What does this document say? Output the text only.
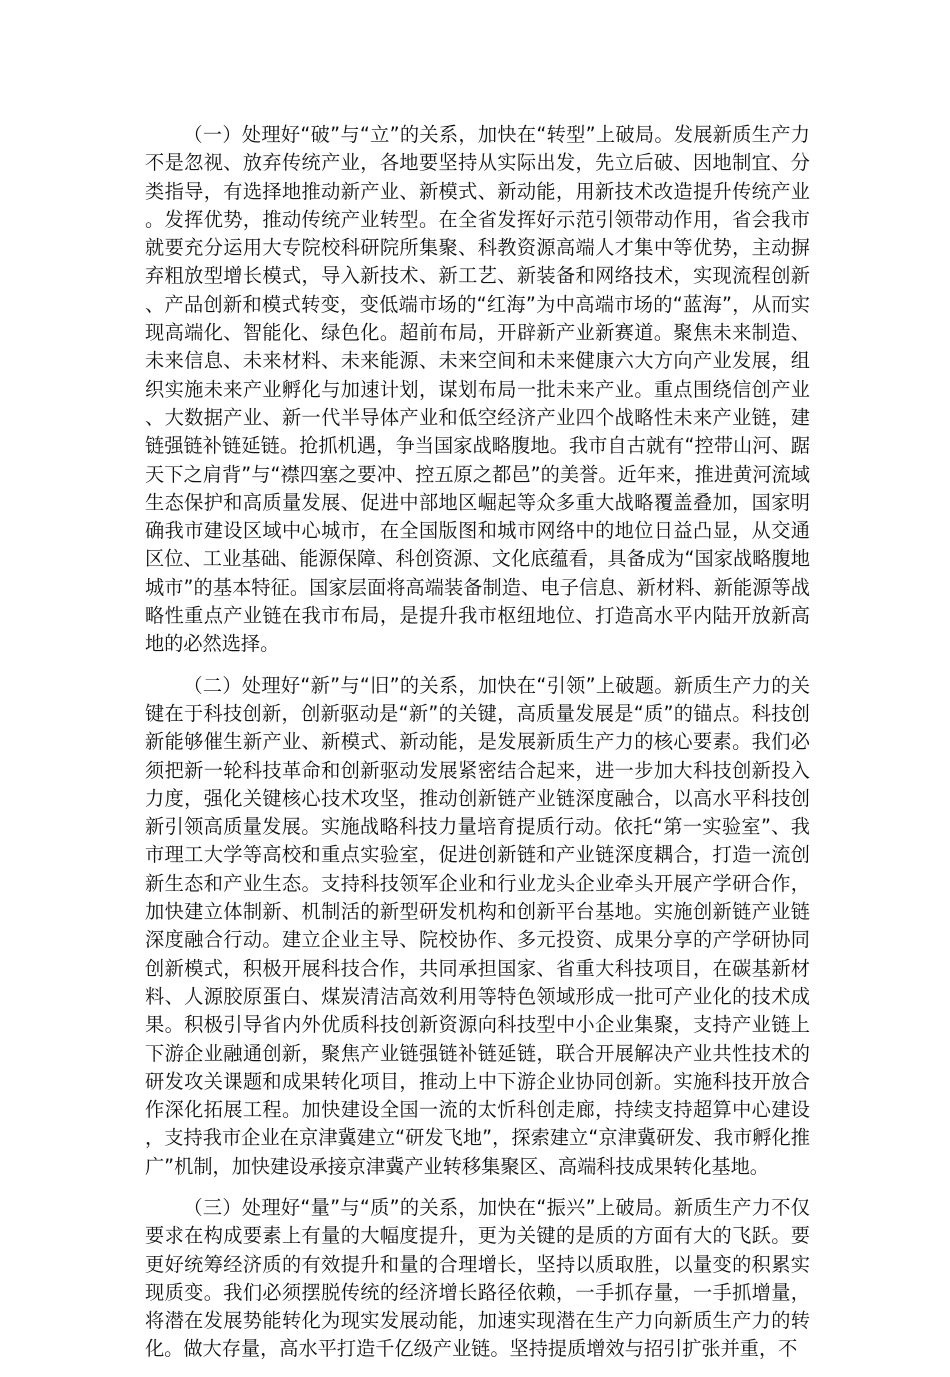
（一）处理好“破”与“立”的关系，加快在“转型”上破局。发展新质生产力不是忽视、放弃传统产业，各地要坚持从实际出发，先立后破、因地制宜、分类指导，有选择地推动新产业、新模式、新动能，用新技术改造提升传统产业。发挥优势，推动传统产业转型。在全省发挥好示范引领带动作用，省会我市就要充分运用大专院校科研院所集聚、科教资源高端人才集中等优势，主动摒弃粗放型增长模式，导入新技术、新工艺、新装备和网络技术，实现流程创新、产品创新和模式转变，变低端市场的“红海”为中高端市场的“蓝海”，从而实现高端化、智能化、绿色化。超前布局，开辟新产业新赛道。聚焦未来制造、未来信息、未来材料、未来能源、未来空间和未来健康六大方向产业发展，组织实施未来产业孵化与加速计划，谋划布局一批未来产业。重点围绕信创产业、大数据产业、新一代半导体产业和低空经济产业四个战略性未来产业链，建链强链补链延链。抢抓机遇，争当国家战略腹地。我市自古就有“控带山河、踞天下之肩背”与“襟四塞之要冲、控五原之都邑”的美誉。近年来，推进黄河流域生态保护和高质量发展、促进中部地区崛起等众多重大战略覆盖叠加，国家明确我市建设区域中心城市，在全国版图和城市网络中的地位日益凸显，从交通区位、工业基础、能源保障、科创资源、文化底蕴看，具备成为“国家战略腹地城市”的基本特征。国家层面将高端装备制造、电子信息、新材料、新能源等战略性重点产业链在我市布局，是提升我市枢纽地位、打造高水平内陆开放新高地的必然选择。

（二）处理好“新”与“旧”的关系，加快在“引领”上破题。新质生产力的关键在于科技创新，创新驱动是“新”的关键，高质量发展是“质”的锚点。科技创新能够催生新产业、新模式、新动能，是发展新质生产力的核心要素。我们必须把新一轮科技革命和创新驱动发展紧密结合起来，进一步加大科技创新投入力度，强化关键核心技术攻坚，推动创新链产业链深度融合，以高水平科技创新引领高质量发展。实施战略科技力量培育提质行动。依托“第一实验室”、我市理工大学等高校和重点实验室，促进创新链和产业链深度耦合，打造一流创新生态和产业生态。支持科技领军企业和行业龙头企业牵头开展产学研合作，加快建立体制新、机制活的新型研发机构和创新平台基地。实施创新链产业链深度融合行动。建立企业主导、院校协作、多元投资、成果分享的产学研协同创新模式，积极开展科技合作，共同承担国家、省重大科技项目，在碳基新材料、人源胶原蛋白、煤炭清洁高效利用等特色领域形成一批可产业化的技术成果。积极引导省内外优质科技创新资源向科技型中小企业集聚，支持产业链上下游企业融通创新，聚焦产业链强链补链延链，联合开展解决产业共性技术的研发攻关课题和成果转化项目，推动上中下游企业协同创新。实施科技开放合作深化拓展工程。加快建设全国一流的太忻科创走廊，持续支持超算中心建设，支持我市企业在京津冀建立“研发飞地”，探索建立“京津冀研发、我市孵化推广”机制，加快建设承接京津冀产业转移集聚区、高端科技成果转化基地。

（三）处理好“量”与“质”的关系，加快在“振兴”上破局。新质生产力不仅要求在构成要素上有量的大幅度提升，更为关键的是质的方面有大的飞跃。要更好统筹经济质的有效提升和量的合理增长，坚持以质取胜，以量变的积累实现质变。我们必须摆脱传统的经济增长路径依赖，一手抓存量，一手抓增量，将潜在发展势能转化为现实发展动能，加速实现潜在生产力向新质生产力的转化。做大存量，高水平打造千亿级产业链。坚持提质增效与招引扩张并重，不
